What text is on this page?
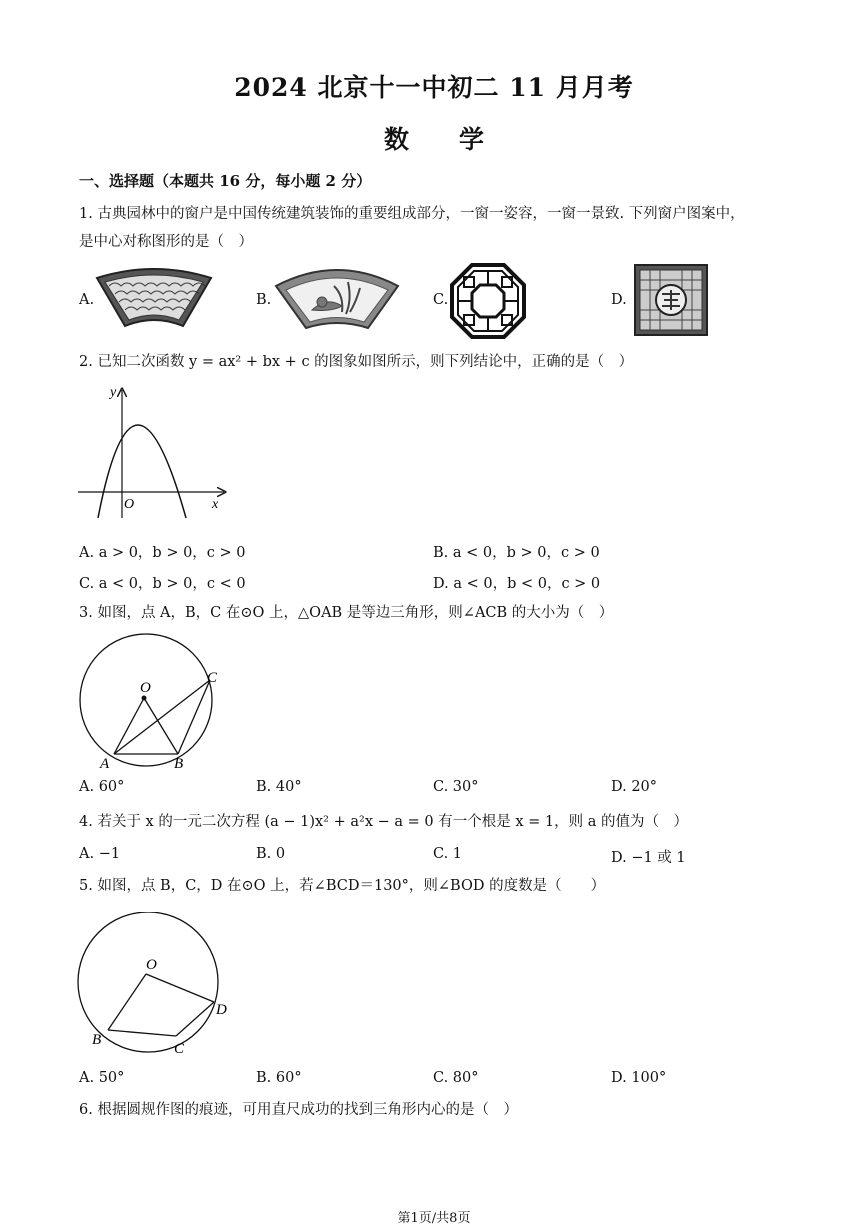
2024 北京十一中初二 11 月月考
数　　学
一、选择题（本题共 16 分，每小题 2 分）
1. 古典园林中的窗户是中国传统建筑装饰的重要组成部分，一窗一姿容，一窗一景致. 下列窗户图案中，
是中心对称图形的是（　）
A.	B.	C.	D.
2. 已知二次函数 y = ax² + bx + c 的图象如图所示，则下列结论中，正确的是（　）
y
x
O
A. a > 0，b > 0，c > 0	B. a < 0，b > 0，c > 0
C. a < 0，b > 0，c < 0	D. a < 0，b < 0，c > 0
3. 如图，点 A，B，C 在⊙O 上，△OAB 是等边三角形，则∠ACB 的大小为（　）
O
A	B
C
A. 60°	B. 40°	C. 30°	D. 20°
4. 若关于 x 的一元二次方程 (a − 1)x² + a²x − a = 0 有一个根是 x = 1，则 a 的值为（　）
A. −1	B. 0	C. 1	D. −1 或 1
5. 如图，点 B，C，D 在⊙O 上，若∠BCD＝130°，则∠BOD 的度数是（　　）
O
B
C
D
A. 50°	B. 60°	C. 80°	D. 100°
6. 根据圆规作图的痕迹，可用直尺成功的找到三角形内心的是（　）
第1页/共8页
